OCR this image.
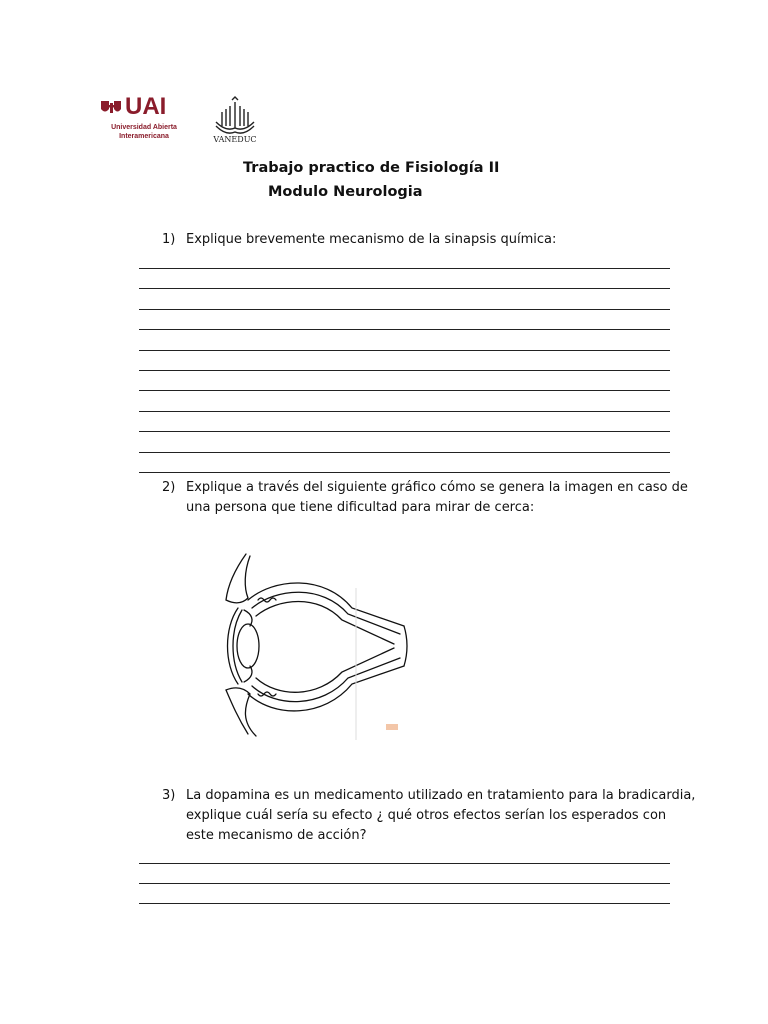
UAI
Universidad Abierta
Interamericana	VANEDUC
Trabajo practico de Fisiología II
Modulo Neurologia
1) Explique brevemente mecanismo de la sinapsis química:
2) Explique a través del siguiente gráfico cómo se genera la imagen en caso de
una persona que tiene dificultad para mirar de cerca:
3) La dopamina es un medicamento utilizado en tratamiento para la bradicardia,
explique cuál sería su efecto ¿ qué otros efectos serían los esperados con
este mecanismo de acción?
